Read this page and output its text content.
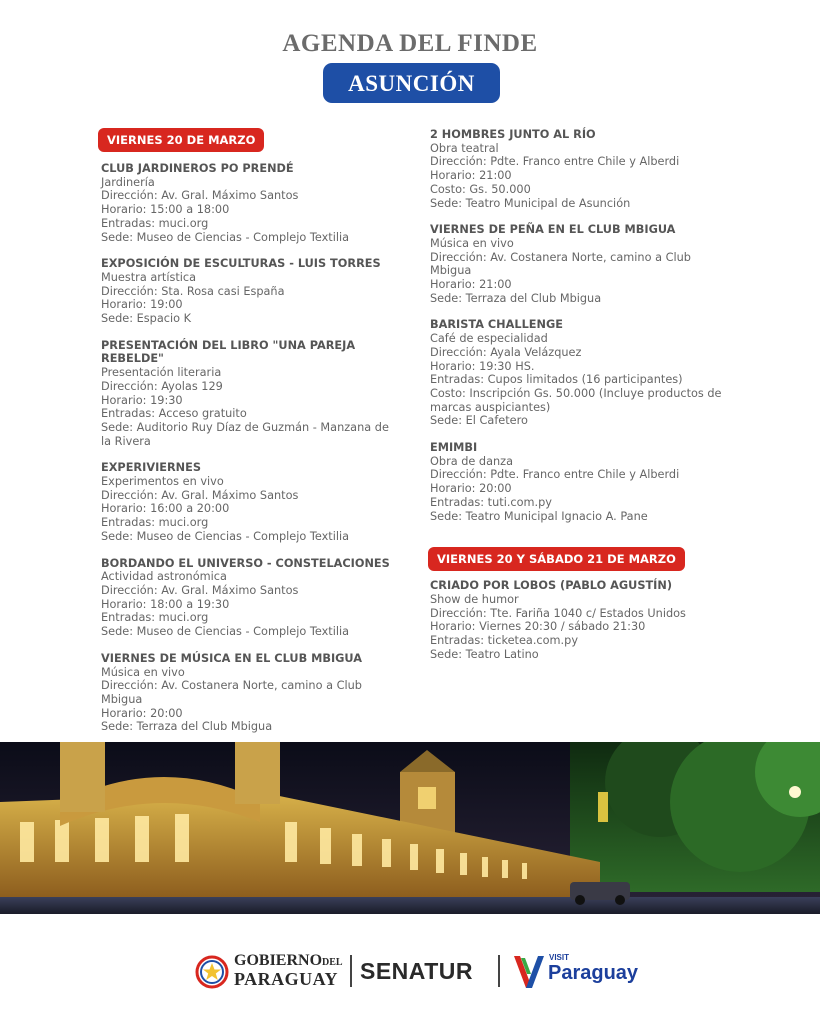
AGENDA DEL FINDE
ASUNCIÓN
VIERNES 20 DE MARZO
CLUB JARDINEROS PO PRENDÉ
Jardinería
Dirección: Av. Gral. Máximo Santos
Horario: 15:00 a 18:00
Entradas: muci.org
Sede: Museo de Ciencias - Complejo Textilia
EXPOSICIÓN DE ESCULTURAS - LUIS TORRES
Muestra artística
Dirección: Sta. Rosa casi España
Horario: 19:00
Sede: Espacio K
PRESENTACIÓN DEL LIBRO "UNA PAREJA REBELDE"
Presentación literaria
Dirección: Ayolas 129
Horario: 19:30
Entradas: Acceso gratuito
Sede: Auditorio Ruy Díaz de Guzmán - Manzana de la Rivera
EXPERIVIERNES
Experimentos en vivo
Dirección: Av. Gral. Máximo Santos
Horario: 16:00 a 20:00
Entradas: muci.org
Sede: Museo de Ciencias - Complejo Textilia
BORDANDO EL UNIVERSO - CONSTELACIONES
Actividad astronómica
Dirección: Av. Gral. Máximo Santos
Horario: 18:00 a 19:30
Entradas: muci.org
Sede: Museo de Ciencias - Complejo Textilia
VIERNES DE MÚSICA EN EL CLUB MBIGUA
Música en vivo
Dirección: Av. Costanera Norte, camino a Club Mbigua
Horario: 20:00
Sede: Terraza del Club Mbigua
2 HOMBRES JUNTO AL RÍO
Obra teatral
Dirección: Pdte. Franco entre Chile y Alberdi
Horario: 21:00
Costo: Gs. 50.000
Sede: Teatro Municipal de Asunción
VIERNES DE PEÑA EN EL CLUB MBIGUA
Música en vivo
Dirección: Av. Costanera Norte, camino a Club Mbigua
Horario: 21:00
Sede: Terraza del Club Mbigua
BARISTA CHALLENGE
Café de especialidad
Dirección: Ayala Velázquez
Horario: 19:30 HS.
Entradas: Cupos limitados (16 participantes)
Costo: Inscripción Gs. 50.000 (Incluye productos de marcas auspiciantes)
Sede: El Cafetero
EMIMBI
Obra de danza
Dirección: Pdte. Franco entre Chile y Alberdi
Horario: 20:00
Entradas: tuti.com.py
Sede: Teatro Municipal Ignacio A. Pane
VIERNES 20 Y SÁBADO 21 DE MARZO
CRIADO POR LOBOS (PABLO AGUSTÍN)
Show de humor
Dirección: Tte. Fariña 1040 c/ Estados Unidos
Horario: Viernes 20:30 / sábado 21:30
Entradas: ticketea.com.py
Sede: Teatro Latino
GOBIERNODEL
PARAGUAY SENATUR
VISIT
Paraguay
